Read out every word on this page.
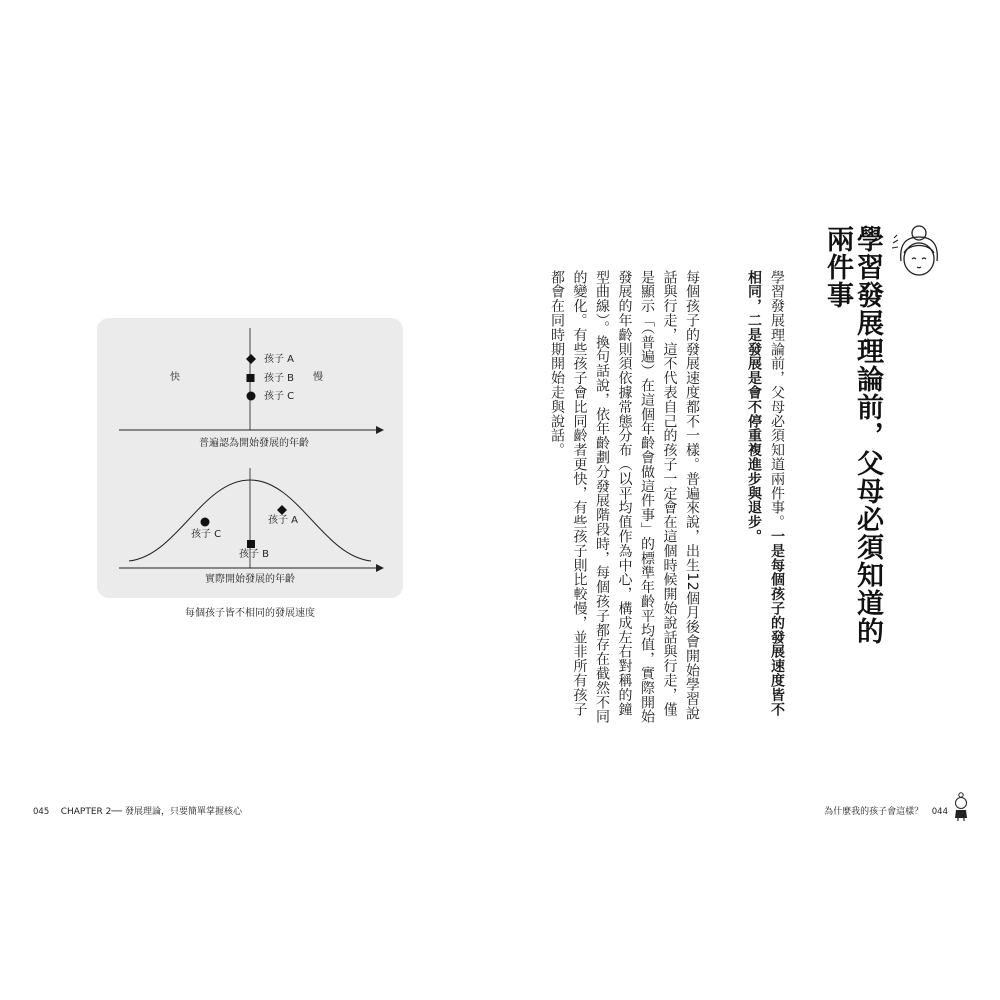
快	慢
孩子 A
孩子 B
孩子 C
普遍認為開始發展的年齡
孩子 A
孩子 C
孩子 B
實際開始發展的年齡
每個孩子皆不相同的發展速度	學習發展理論前，父母必須知道的兩件事
學習發展理論前，父母必須知道兩件事。一是每個孩子的發展速度皆不相同，二是發展是會不停重複進步與退步。
每個孩子的發展速度都不一樣。普遍來說，出生12個月後會開始學習說話與行走，這不代表自己的孩子一定會在這個時候開始說話與行走，僅是顯示「（普遍）在這個年齡會做這件事」的標準年齡平均值，實際開始發展的年齡則須依據常態分布（以平均值作為中心，構成左右對稱的鐘型曲線）。換句話說，依年齡劃分發展階段時，每個孩子都存在截然不同的變化。有些孩子會比同齡者更快，有些孩子則比較慢，並非所有孩子都會在同時期開始走與說話。
045 CHAPTER 2── 發展理論，只要簡單掌握核心	為什麼我的孩子會這樣？ 044
